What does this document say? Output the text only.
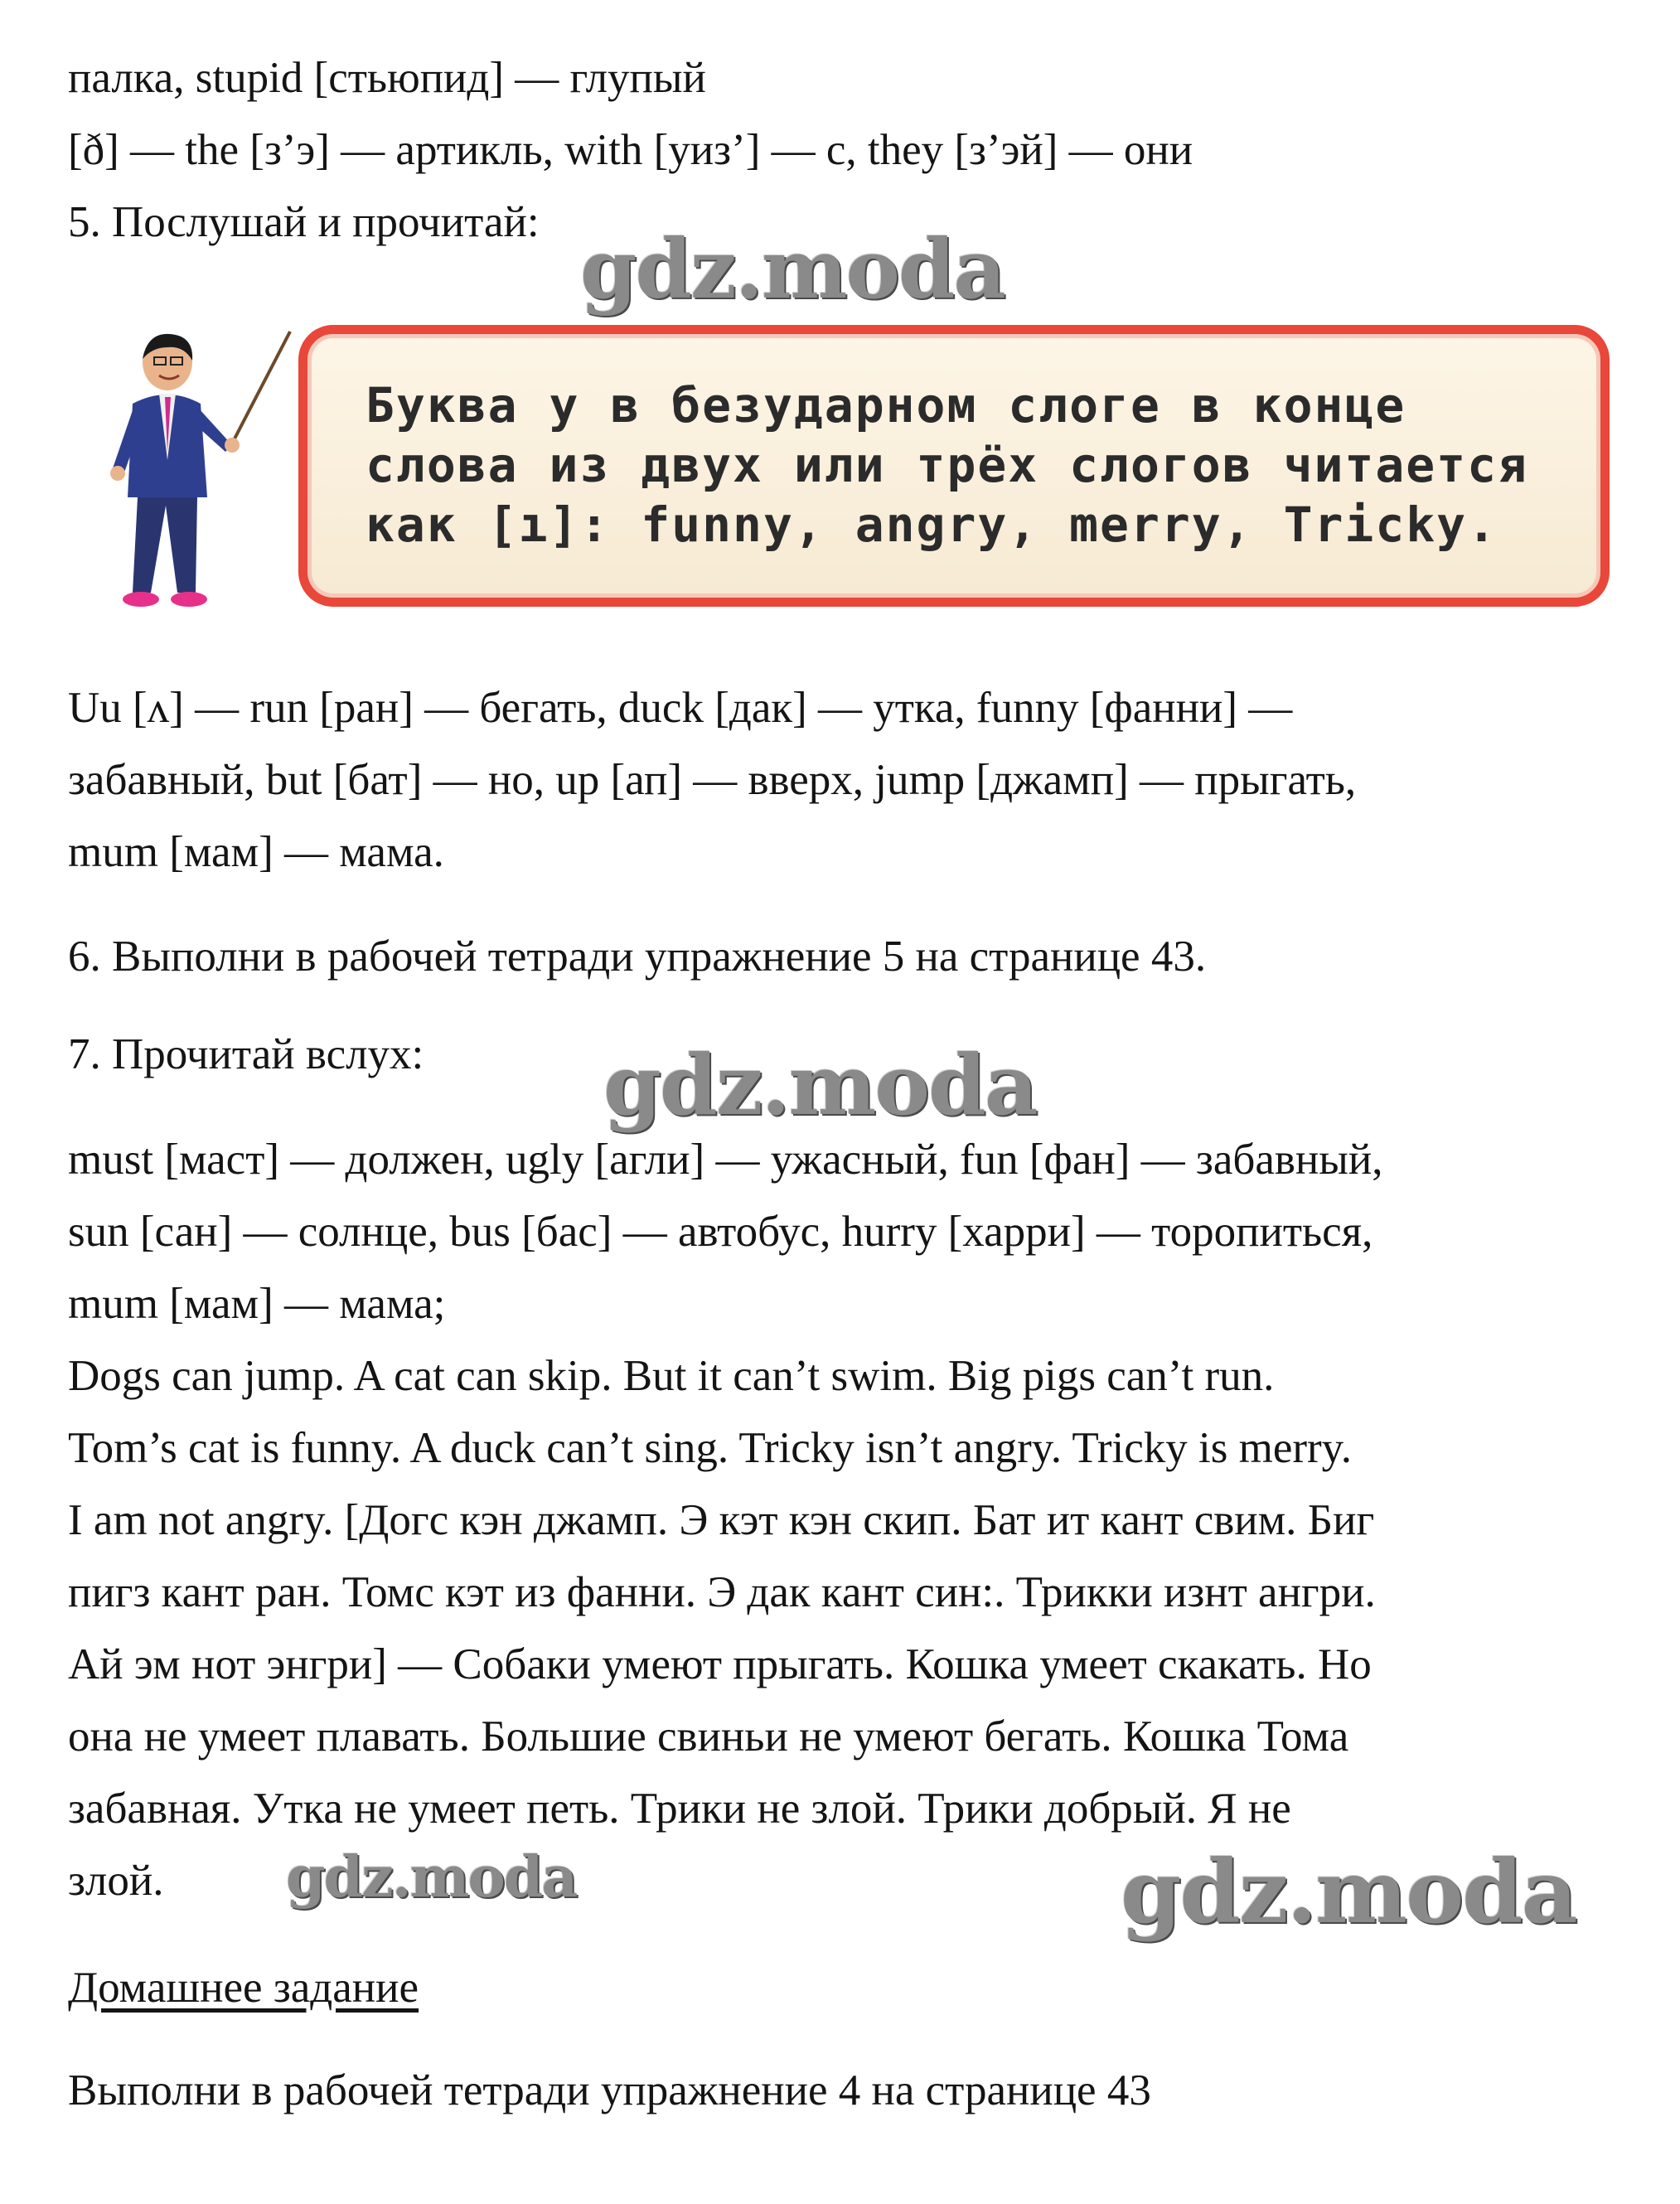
палка, stupid [стьюпид] — глупый

[ð] — the [з’э] — артикль, with [уиз’] — с, they [з’эй] — они

5. Послушай и прочитай: gdz.moda

Буква у в безударном слоге в конце

слова из двух или трёх слогов читается

как [ı]: funny, angry, merry, Tricky.

Uu [ʌ] — run [ран] — бегать, duck [дак] — утка, funny [фанни] —

забавный, but [бат] — но, up [ап] — вверх, jump [джамп] — прыгать,

mum [мам] — мама.

6. Выполни в рабочей тетради упражнение 5 на странице 43.

7. Прочитай вслух: gdz.moda

must [маст] — должен, ugly [агли] — ужасный, fun [фан] — забавный,

sun [сан] — солнце, bus [бас] — автобус, hurry [харри] — торопиться,

mum [мам] — мама;

Dogs can jump. A cat can skip. But it can’t swim. Big pigs can’t run.

Tom’s cat is funny. A duck can’t sing. Tricky isn’t angry. Tricky is merry.

I am not angry. [Догс кэн джамп. Э кэт кэн скип. Бат ит кант свим. Биг

пигз кант ран. Томс кэт из фанни. Э дак кант син:. Трикки изнт ангри.

Ай эм нот энгри] — Собаки умеют прыгать. Кошка умеет скакать. Но

она не умеет плавать. Большие свиньи не умеют бегать. Кошка Тома

забавная. Утка не умеет петь. Трики не злой. Трики добрый. Я не

злой. gdz.moda	gdz.moda

Домашнее задание

Выполни в рабочей тетради упражнение 4 на странице 43
